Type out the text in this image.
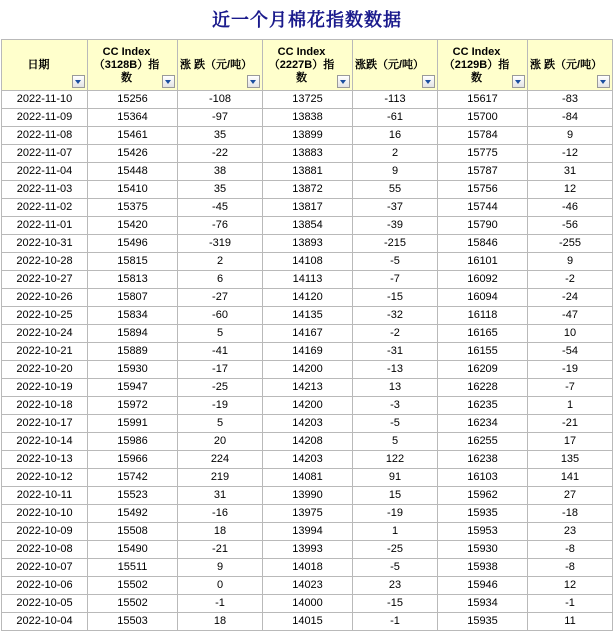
近一个月棉花指数数据
日期	CC Index（3128B）指数	涨 跌（元/吨）	CC Index（2227B）指数	涨跌（元/吨）	CC Index（2129B）指数	涨 跌（元/吨）

2022-11-10	15256	-108	13725	-113	15617	-83
2022-11-09	15364	-97	13838	-61	15700	-84
2022-11-08	15461	35	13899	16	15784	9
2022-11-07	15426	-22	13883	2	15775	-12
2022-11-04	15448	38	13881	9	15787	31
2022-11-03	15410	35	13872	55	15756	12
2022-11-02	15375	-45	13817	-37	15744	-46
2022-11-01	15420	-76	13854	-39	15790	-56
2022-10-31	15496	-319	13893	-215	15846	-255
2022-10-28	15815	2	14108	-5	16101	9
2022-10-27	15813	6	14113	-7	16092	-2
2022-10-26	15807	-27	14120	-15	16094	-24
2022-10-25	15834	-60	14135	-32	16118	-47
2022-10-24	15894	5	14167	-2	16165	10
2022-10-21	15889	-41	14169	-31	16155	-54
2022-10-20	15930	-17	14200	-13	16209	-19
2022-10-19	15947	-25	14213	13	16228	-7
2022-10-18	15972	-19	14200	-3	16235	1
2022-10-17	15991	5	14203	-5	16234	-21
2022-10-14	15986	20	14208	5	16255	17
2022-10-13	15966	224	14203	122	16238	135
2022-10-12	15742	219	14081	91	16103	141
2022-10-11	15523	31	13990	15	15962	27
2022-10-10	15492	-16	13975	-19	15935	-18
2022-10-09	15508	18	13994	1	15953	23
2022-10-08	15490	-21	13993	-25	15930	-8
2022-10-07	15511	9	14018	-5	15938	-8
2022-10-06	15502	0	14023	23	15946	12
2022-10-05	15502	-1	14000	-15	15934	-1
2022-10-04	15503	18	14015	-1	15935	11
